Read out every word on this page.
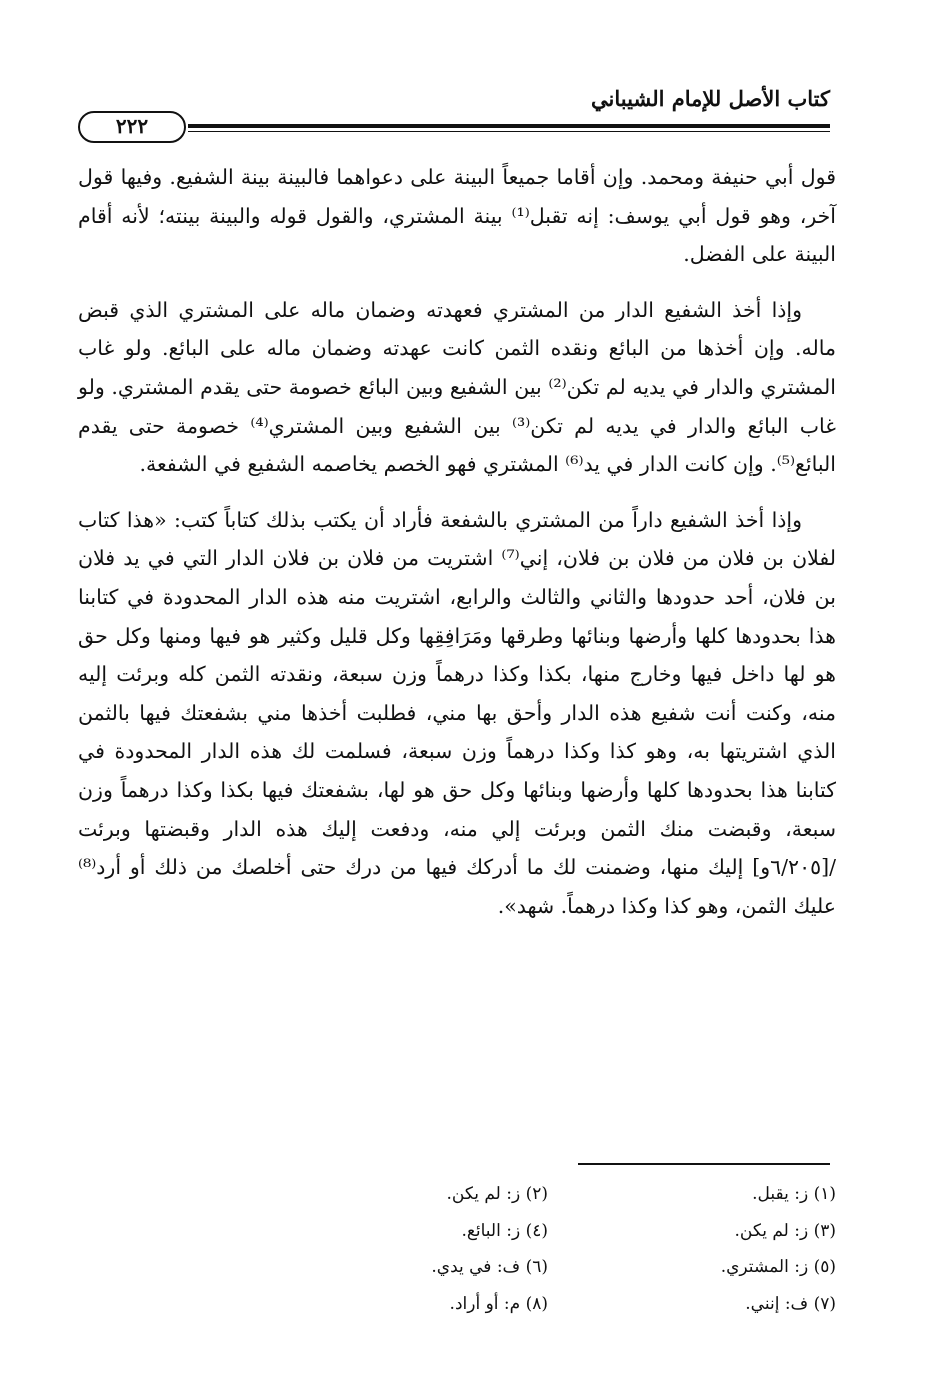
كتاب الأصل للإمام الشيباني
٢٢٢

قول أبي حنيفة ومحمد. وإن أقاما جميعاً البينة على دعواهما فالبينة بينة الشفيع. وفيها قول آخر، وهو قول أبي يوسف: إنه تقبل⁽¹⁾ بينة المشتري، والقول قوله والبينة بينته؛ لأنه أقام البينة على الفضل.

وإذا أخذ الشفيع الدار من المشتري فعهدته وضمان ماله على المشتري الذي قبض ماله. وإن أخذها من البائع ونقده الثمن كانت عهدته وضمان ماله على البائع. ولو غاب المشتري والدار في يديه لم تكن⁽²⁾ بين الشفيع وبين البائع خصومة حتى يقدم المشتري. ولو غاب البائع والدار في يديه لم تكن⁽³⁾ بين الشفيع وبين المشتري⁽⁴⁾ خصومة حتى يقدم البائع⁽⁵⁾. وإن كانت الدار في يد⁽⁶⁾ المشتري فهو الخصم يخاصمه الشفيع في الشفعة.

وإذا أخذ الشفيع داراً من المشتري بالشفعة فأراد أن يكتب بذلك كتاباً كتب: «هذا كتاب لفلان بن فلان من فلان بن فلان، إني⁽⁷⁾ اشتريت من فلان بن فلان الدار التي في يد فلان بن فلان، أحد حدودها والثاني والثالث والرابع، اشتريت منه هذه الدار المحدودة في كتابنا هذا بحدودها كلها وأرضها وبنائها وطرقها ومَرَافِقِها وكل قليل وكثير هو فيها ومنها وكل حق هو لها داخل فيها وخارج منها، بكذا وكذا درهماً وزن سبعة، ونقدته الثمن كله وبرئت إليه منه، وكنت أنت شفيع هذه الدار وأحق بها مني، فطلبت أخذها مني بشفعتك فيها بالثمن الذي اشتريتها به، وهو كذا وكذا درهماً وزن سبعة، فسلمت لك هذه الدار المحدودة في كتابنا هذا بحدودها كلها وأرضها وبنائها وكل حق هو لها، بشفعتك فيها بكذا وكذا درهماً وزن سبعة، وقبضت منك الثمن وبرئت إلي منه، ودفعت إليك هذه الدار وقبضتها وبرئت /[٦/٢٠٥و] إليك منها، وضمنت لك ما أدركك فيها من درك حتى أخلصك من ذلك أو أرد⁽⁸⁾ عليك الثمن، وهو كذا وكذا درهماً. شهد».

(١) ز: يقبل.
(٢) ز: لم يكن.
(٣) ز: لم يكن.
(٤) ز: البائع.
(٥) ز: المشتري.
(٦) ف: في يدي.
(٧) ف: إنني.
(٨) م: أو أراد.
